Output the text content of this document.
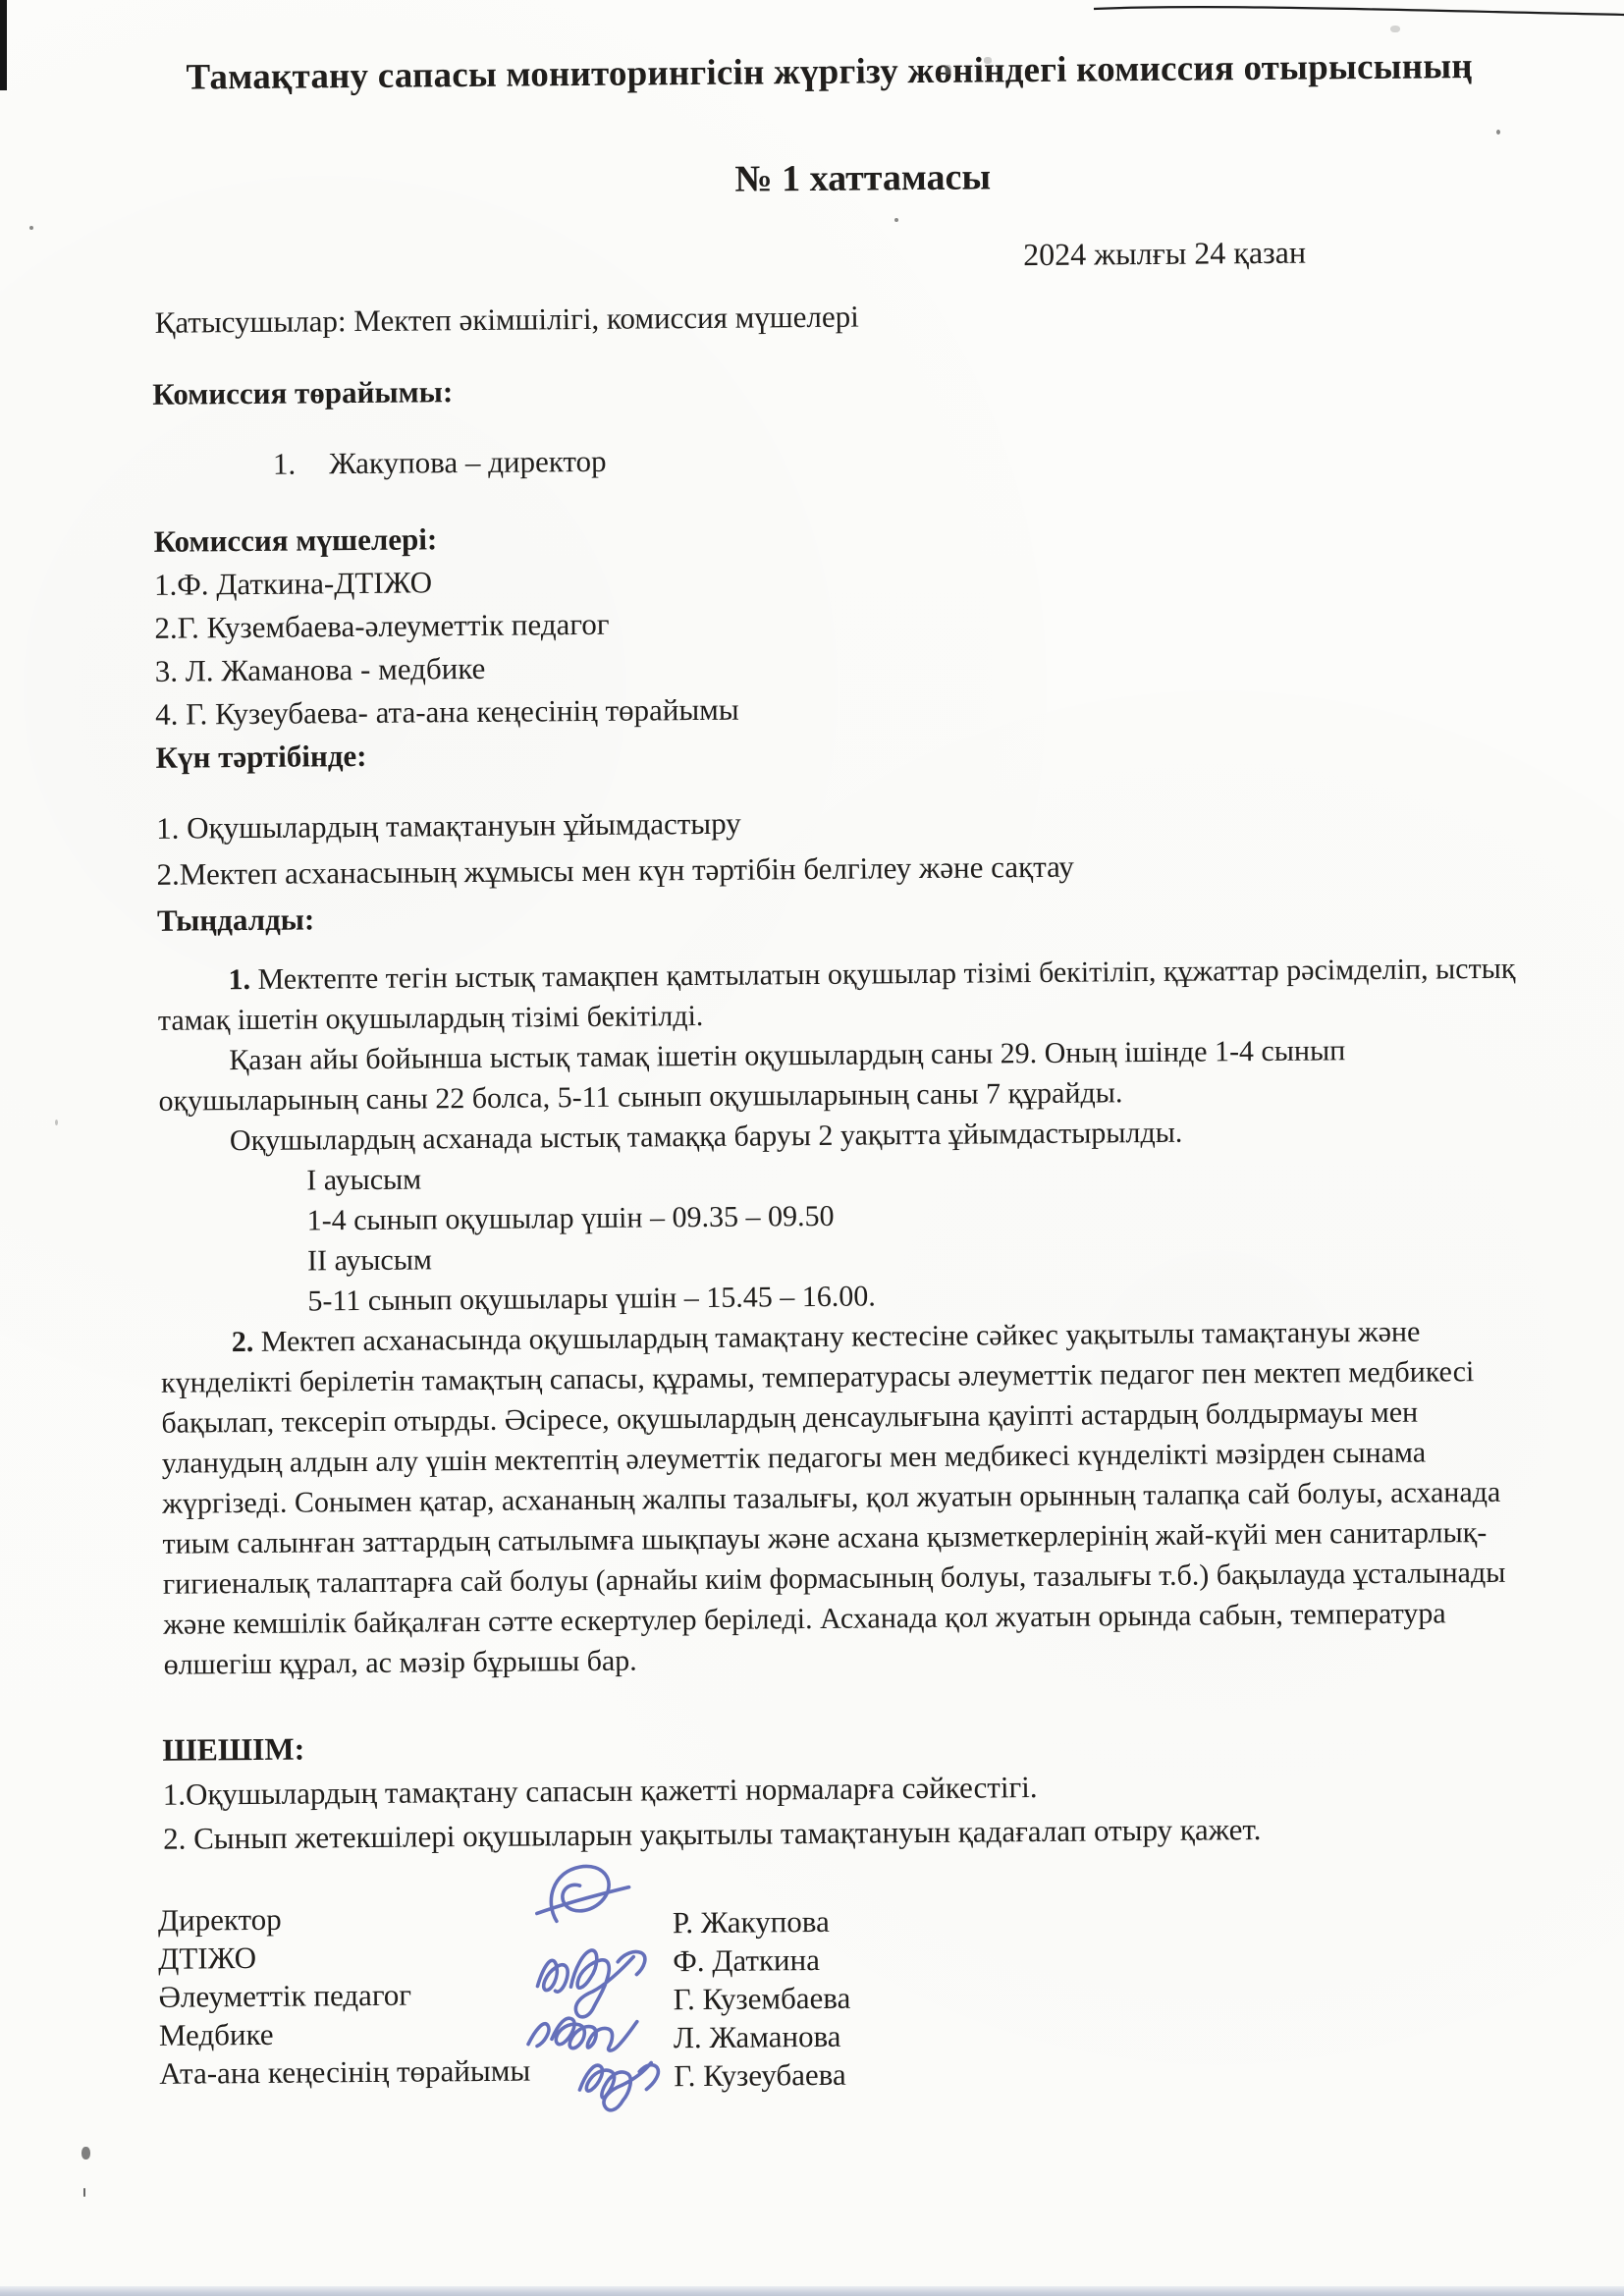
Тамақтану сапасы мониторингісін жүргізу жөніндегі комиссия отырысының
№ 1 хаттамасы
2024 жылғы 24 қазан
Қатысушылар: Мектеп әкімшілігі, комиссия мүшелері
Комиссия төрайымы:
1. Жакупова – директор
Комиссия мүшелері:
1.Ф. Даткина-ДТІЖО
2.Г. Кузембаева-әлеуметтік педагог
3. Л. Жаманова - медбике
4. Г. Кузеубаева- ата-ана кеңесінің төрайымы
Күн тәртібінде:
1. Оқушылардың тамақтануын ұйымдастыру
2.Мектеп асханасының жұмысы мен күн тәртібін белгілеу және сақтау
Тыңдалды:

1. Мектепте тегін ыстық тамақпен қамтылатын оқушылар тізімі бекітіліп, құжаттар рәсімделіп, ыстық тамақ ішетін оқушылардың тізімі бекітілді.

Қазан айы бойынша ыстық тамақ ішетін оқушылардың саны 29. Оның ішінде 1-4 сынып оқушыларының саны 22 болса, 5-11 сынып оқушыларының саны 7 құрайды.

Оқушылардың асханада ыстық тамаққа баруы 2 уақытта ұйымдастырылды.

I ауысым
1-4 сынып оқушылар үшін – 09.35 – 09.50
II ауысым
5-11 сынып оқушылары үшін – 15.45 – 16.00.

2. Мектеп асханасында оқушылардың тамақтану кестесіне сәйкес уақытылы тамақтануы және күнделікті берілетін тамақтың сапасы, құрамы, температурасы әлеуметтік педагог пен мектеп медбикесі бақылап, тексеріп отырды. Әсіресе, оқушылардың денсаулығына қауіпті астардың болдырмауы мен уланудың алдын алу үшін мектептің әлеуметтік педагогы мен медбикесі күнделікті мәзірден сынама жүргізеді. Сонымен қатар, асхананың жалпы тазалығы, қол жуатын орынның талапқа сай болуы, асханада тиым салынған заттардың сатылымға шықпауы және асхана қызметкерлерінің жай-күйі мен санитарлық-гигиеналық талаптарға сай болуы (арнайы киім формасының болуы, тазалығы т.б.) бақылауда ұсталынады және кемшілік байқалған сәтте ескертулер беріледі. Асханада қол жуатын орында сабын, температура өлшегіш құрал, ас мәзір бұрышы бар.

ШЕШІМ:
1.Оқушылардың тамақтану сапасын қажетті нормаларға сәйкестігі.
2. Сынып жетекшілері оқушыларын уақытылы тамақтануын қадағалап отыру қажет.
Директор	Р. Жакупова
ДТІЖО	Ф. Даткина
Әлеуметтік педагог	Г. Кузембаева
Медбике	Л. Жаманова
Ата-ана кеңесінің төрайымы	Г. Кузеубаева
